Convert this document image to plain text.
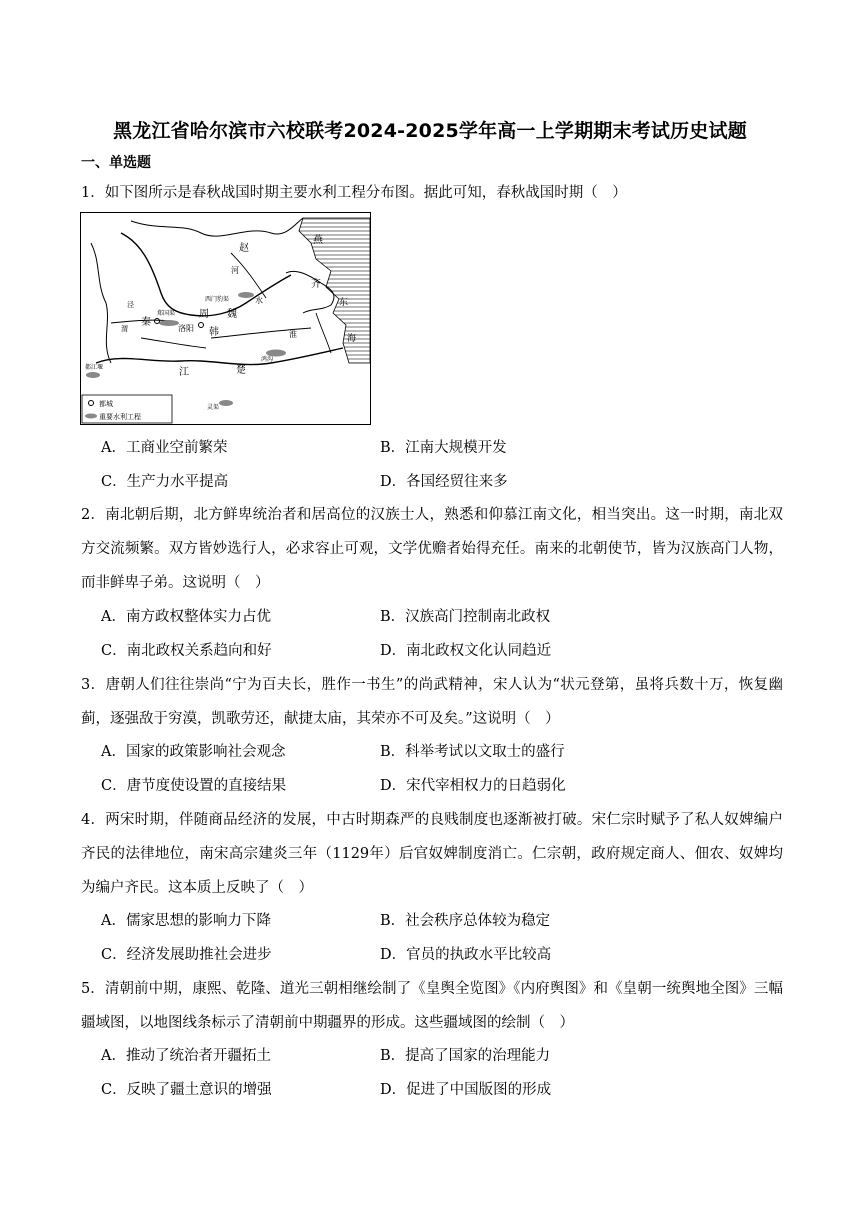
黑龙江省哈尔滨市六校联考2024-2025学年高一上学期期末考试历史试题
一、单选题
1．如下图所示是春秋战国时期主要水利工程分布图。据此可知，春秋战国时期（　）
燕
赵
齐
秦
周 魏
韩
楚
洛阳
河
水
江
海
东
淮
西门豹渠
郑国渠
鸿沟
都江堰
灵渠
泾
渭
都城
重要水利工程
A．工商业空前繁荣	B．江南大规模开发
C．生产力水平提高	D．各国经贸往来多
2．南北朝后期，北方鲜卑统治者和居高位的汉族士人，熟悉和仰慕江南文化，相当突出。这一时期，南北双方交流频繁。双方皆妙选行人，必求容止可观，文学优赡者始得充任。南来的北朝使节，皆为汉族高门人物，而非鲜卑子弟。这说明（　）
A．南方政权整体实力占优	B．汉族高门控制南北政权
C．南北政权关系趋向和好	D．南北政权文化认同趋近
3．唐朝人们往往崇尚“宁为百夫长，胜作一书生”的尚武精神，宋人认为“状元登第，虽将兵数十万，恢复幽蓟，逐强敌于穷漠，凯歌劳还，献捷太庙，其荣亦不可及矣。”这说明（　）
A．国家的政策影响社会观念	B．科举考试以文取士的盛行
C．唐节度使设置的直接结果	D．宋代宰相权力的日趋弱化
4．两宋时期，伴随商品经济的发展，中古时期森严的良贱制度也逐渐被打破。宋仁宗时赋予了私人奴婢编户齐民的法律地位，南宋高宗建炎三年（1129年）后官奴婢制度消亡。仁宗朝，政府规定商人、佃农、奴婢均为编户齐民。这本质上反映了（　）
A．儒家思想的影响力下降	B．社会秩序总体较为稳定
C．经济发展助推社会进步	D．官员的执政水平比较高
5．清朝前中期，康熙、乾隆、道光三朝相继绘制了《皇舆全览图》《内府舆图》和《皇朝一统舆地全图》三幅疆域图，以地图线条标示了清朝前中期疆界的形成。这些疆域图的绘制（　）
A．推动了统治者开疆拓土	B．提高了国家的治理能力
C．反映了疆土意识的增强	D．促进了中国版图的形成
